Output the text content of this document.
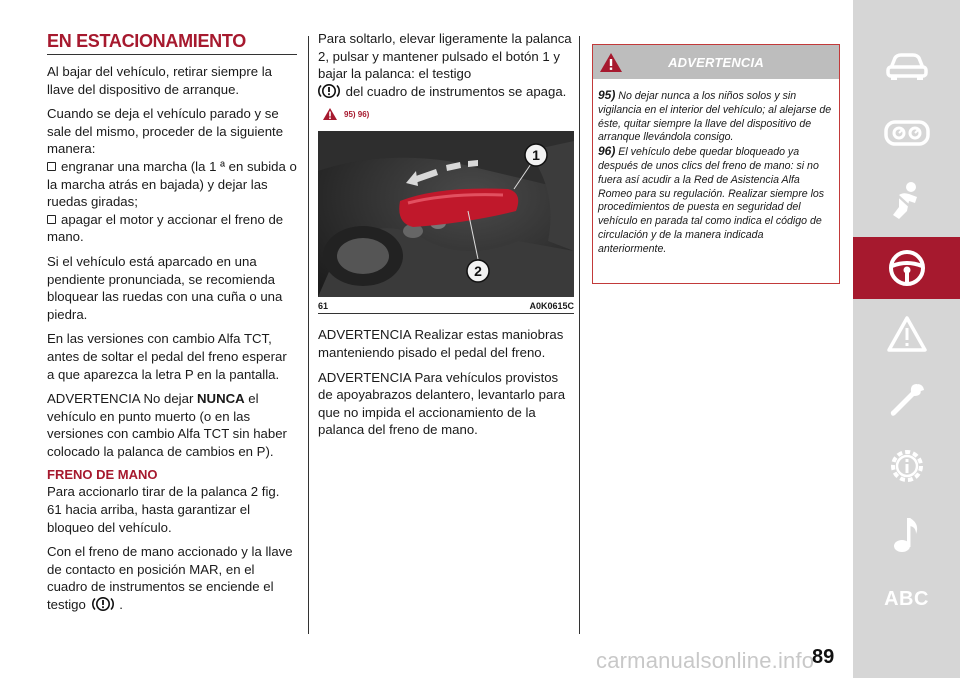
EN ESTACIONAMIENTO

Al bajar del vehículo, retirar siempre la llave del dispositivo de arranque.

Cuando se deja el vehículo parado y se sale del mismo, proceder de la siguiente manera:

engranar una marcha (la 1 ª en subida o la marcha atrás en bajada) y dejar las ruedas giradas;

apagar el motor y accionar el freno de mano.

Si el vehículo está aparcado en una pendiente pronunciada, se recomienda bloquear las ruedas con una cuña o una piedra.

En las versiones con cambio Alfa TCT, antes de soltar el pedal del freno esperar a que aparezca la letra P en la pantalla.

ADVERTENCIA No dejar NUNCA el vehículo en punto muerto (o en las versiones con cambio Alfa TCT sin haber colocado la palanca de cambios en P).

FRENO DE MANO

Para accionarlo tirar de la palanca 2 fig. 61 hacia arriba, hasta garantizar el bloqueo del vehículo.

Con el freno de mano accionado y la llave de contacto en posición MAR, en el cuadro de instrumentos se enciende el testigo	.

Para soltarlo, elevar ligeramente la palanca 2, pulsar y mantener pulsado el botón 1 y bajar la palanca: el testigo
del cuadro de instrumentos se apaga.

95) 96)
1
2
61	A0K0615C

ADVERTENCIA Realizar estas maniobras manteniendo pisado el pedal del freno.

ADVERTENCIA Para vehículos provistos de apoyabrazos delantero, levantarlo para que no impida el accionamiento de la palanca del freno de mano.

ADVERTENCIA
95) No dejar nunca a los niños solos y sin vigilancia en el interior del vehículo; al alejarse de éste, quitar siempre la llave del dispositivo de arranque llevándola consigo.
96) El vehículo debe quedar bloqueado ya después de unos clics del freno de mano: si no fuera así acudir a la Red de Asistencia Alfa Romeo para su regulación. Realizar siempre los procedimientos de puesta en seguridad del vehículo en parada tal como indica el código de circulación y de la manera indicada anteriormente.
ABC
carmanualsonline.info
89
